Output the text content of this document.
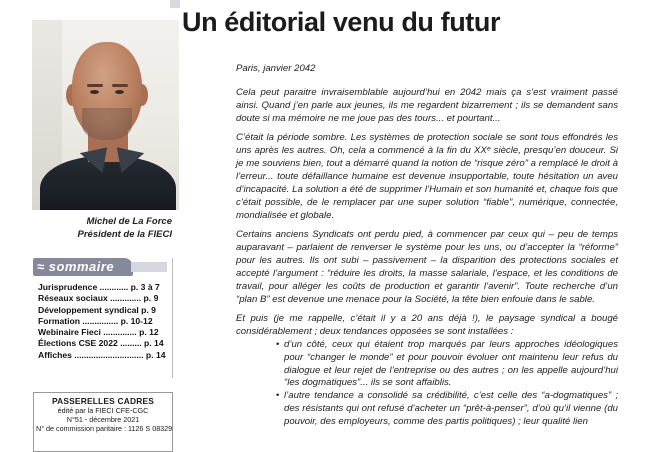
Michel de La Force
Président de la FIECI
≈ sommaire
Jurisprudence ............ p. 3 à 7
Réseaux sociaux ............. p. 9
Développement syndical p. 9
Formation ............... p. 10-12
Webinaire Fieci .............. p. 12
Élections CSE 2022 ......... p. 14
Affiches ............................. p. 14
PASSERELLES CADRES
édité par la FIECI CFE-CGC
N°51 - décembre 2021
N° de commission paritaire : 1126 S 08329
Un éditorial venu du futur

Paris, janvier 2042

Cela peut paraitre invraisemblable aujourd’hui en 2042 mais ça s’est vraiment passé ainsi. Quand j’en parle aux jeunes, ils me regardent bizarrement ; ils se demandent sans doute si ma mémoire ne me joue pas des tours... et pourtant...

C’était la période sombre. Les systèmes de protection sociale se sont tous effondrés les uns après les autres. Oh, cela a commencé à la fin du XXᵉ siècle, presqu’en douceur. Si je me souviens bien, tout a démarré quand la notion de “risque zéro” a remplacé le droit à l’erreur... toute défaillance humaine est devenue insupportable, toute hésitation un aveu d’incapacité. La solution a été de supprimer l’Humain et son humanité et, chaque fois que c’était possible, de le remplacer par une super solution “fiable”, numérique, connectée, mondialisée et globale.

Certains anciens Syndicats ont perdu pied, à commencer par ceux qui – peu de temps auparavant – parlaient de renverser le système pour les uns, ou d’accepter la “réforme” pour les autres. Ils ont subi – passivement – la disparition des protections sociales et accepté l’argument : “réduire les droits, la masse salariale, l’espace, et les conditions de travail, pour alléger les coûts de production et garantir l’avenir”. Toute recherche d’un “plan B” est devenue une menace pour la Société, la tête bien enfouie dans le sable.

Et puis (je me rappelle, c’était il y a 20 ans déjà !), le paysage syndical a bougé considérablement ; deux tendances opposées se sont installées :

• d’un côté, ceux qui étaient trop marqués par leurs approches idéologiques pour “changer le monde” et pour pouvoir évoluer ont maintenu leur refus du dialogue et leur rejet de l’entreprise ou des autres ; on les appelle aujourd’hui “les dogmatiques”... ils se sont affaiblis.
• l’autre tendance a consolidé sa crédibilité, c’est celle des “a-dogmatiques” ; des résistants qui ont refusé d’acheter un “prêt-à-penser”, d’où qu’il vienne (du pouvoir, des employeurs, comme des partis politiques) ; leur qualité lien
